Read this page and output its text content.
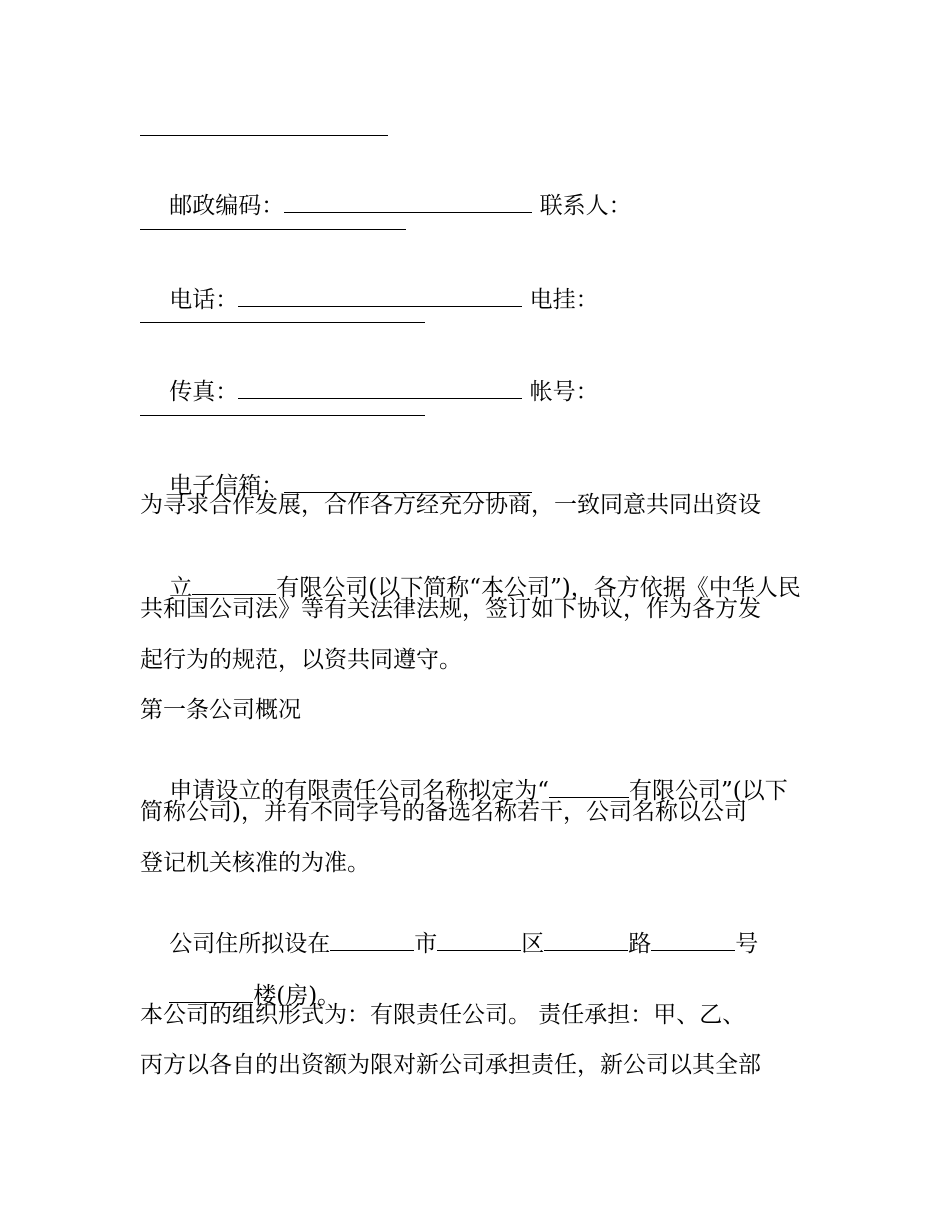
邮政编码：	联系人：

电话：	电挂：

传真：	帐号：

电子信箱：

为寻求合作发展，合作各方经充分协商，一致同意共同出资设

立	有限公司(以下简称“本公司”)，各方依据《中华人民

共和国公司法》等有关法律法规，签订如下协议，作为各方发
起行为的规范，以资共同遵守。
第一条公司概况

申请设立的有限责任公司名称拟定为“	有限公司”(以下

简称公司)，并有不同字号的备选名称若干，公司名称以公司
登记机关核准的为准。

公司住所拟设在	市	区	路	号

楼(房)。

本公司的组织形式为：有限责任公司。 责任承担：甲、乙、
丙方以各自的出资额为限对新公司承担责任，新公司以其全部
